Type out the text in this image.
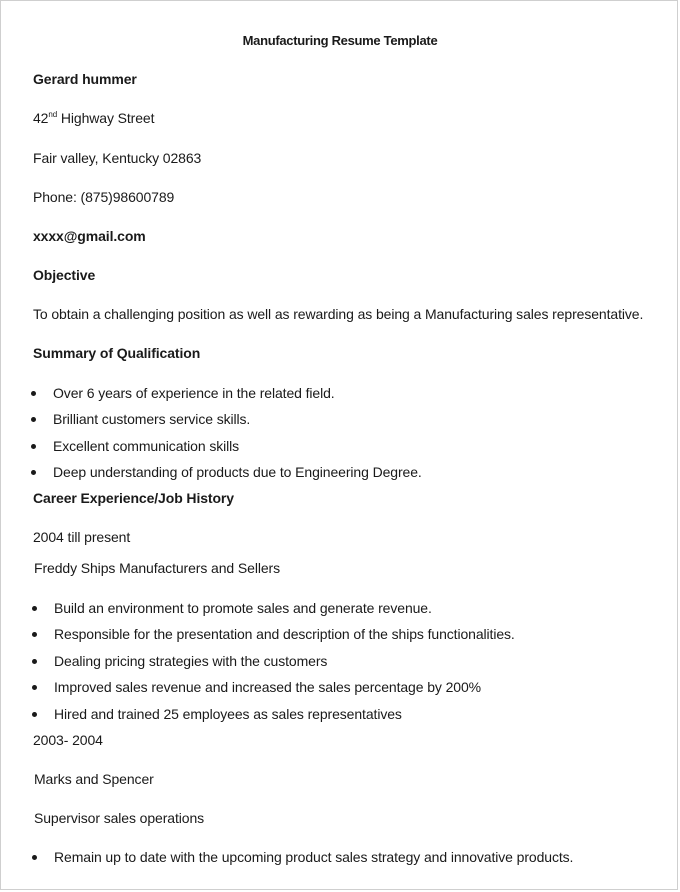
Manufacturing Resume Template
Gerard hummer
42nd Highway Street
Fair valley, Kentucky 02863
Phone: (875)98600789
xxxx@gmail.com
Objective
To obtain a challenging position as well as rewarding as being a Manufacturing sales representative.
Summary of Qualification
Over 6 years of experience in the related field.
Brilliant customers service skills.
Excellent communication skills
Deep understanding of products due to Engineering Degree.
Career Experience/Job History
2004 till present
Freddy Ships Manufacturers and Sellers
Build an environment to promote sales and generate revenue.
Responsible for the presentation and description of the ships functionalities.
Dealing pricing strategies with the customers
Improved sales revenue and increased the sales percentage by 200%
Hired and trained 25 employees as sales representatives
2003- 2004
Marks and Spencer
Supervisor sales operations
Remain up to date with the upcoming product sales strategy and innovative products.
